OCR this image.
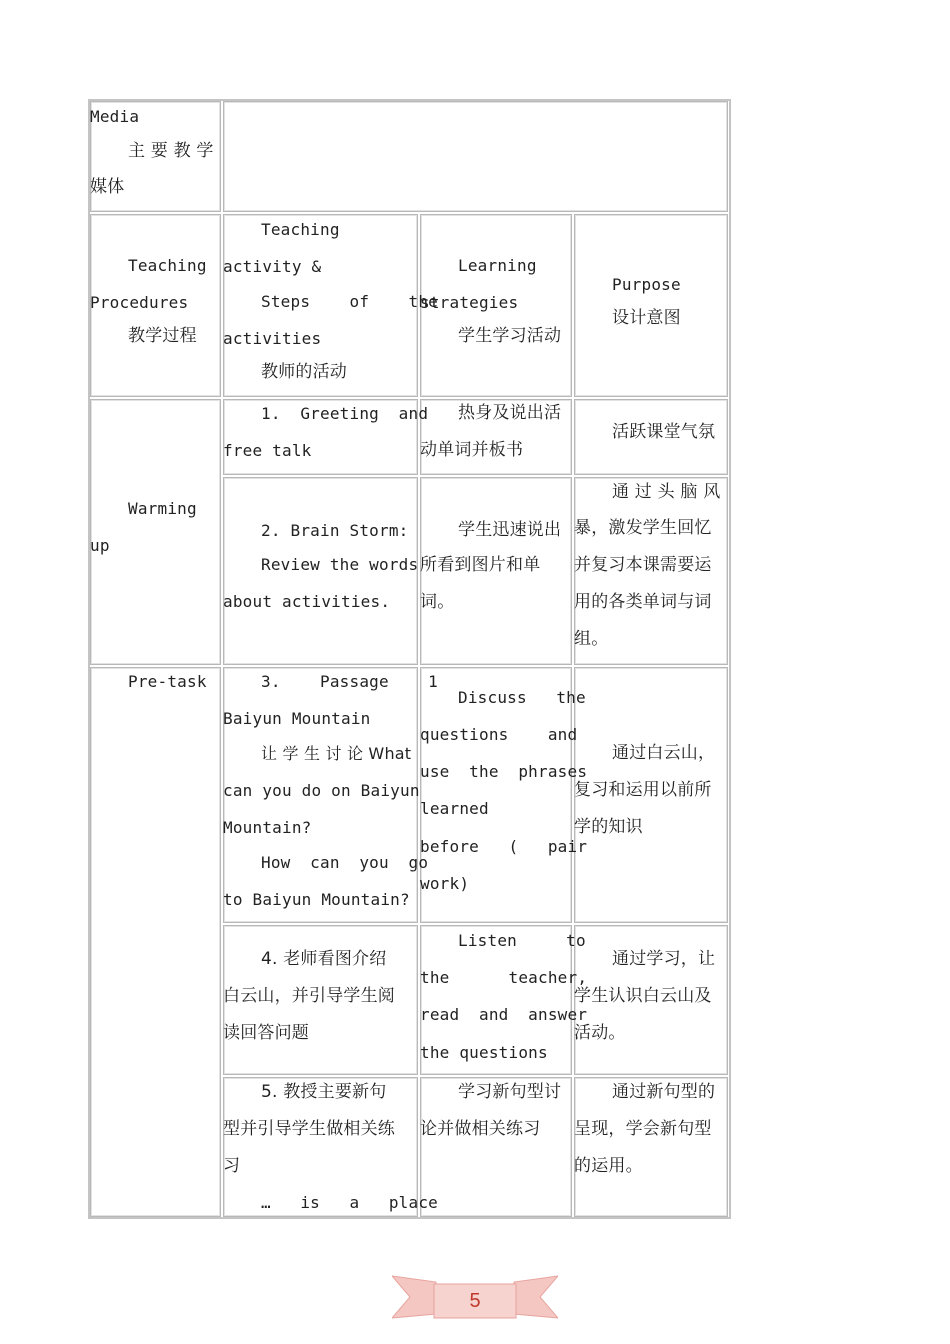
Media
主 要 教 学
媒体
Teaching
Procedures
教学过程
Teaching
activity &
Steps    of    the
activities
教师的活动
Learning
strategies
学生学习活动
Purpose
设计意图
Warming
up
1.  Greeting  and
free talk
热身及说出活
动单词并板书
活跃课堂气氛
2. Brain Storm:
Review the words
about activities.
学生迅速说出
所看到图片和单
词。
通 过 头 脑 风
暴，激发学生回忆
并复习本课需要运
用的各类单词与词
组。
Pre-task	3.    Passage    1
Baiyun Mountain
让 学 生 讨 论 What
can you do on Baiyun
Mountain?
How  can  you  go
to Baiyun Mountain?
Discuss   the
questions    and
use  the  phrases
learned
before   (   pair
work)
通过白云山，
复习和运用以前所
学的知识
4. 老师看图介绍
白云山，并引导学生阅
读回答问题
Listen     to
the      teacher,
read  and  answer
the questions
通过学习，让
学生认识白云山及
活动。
5. 教授主要新句
型并引导学生做相关练
习
…   is   a   place
学习新句型讨
论并做相关练习
通过新句型的
呈现，学会新句型
的运用。
5
